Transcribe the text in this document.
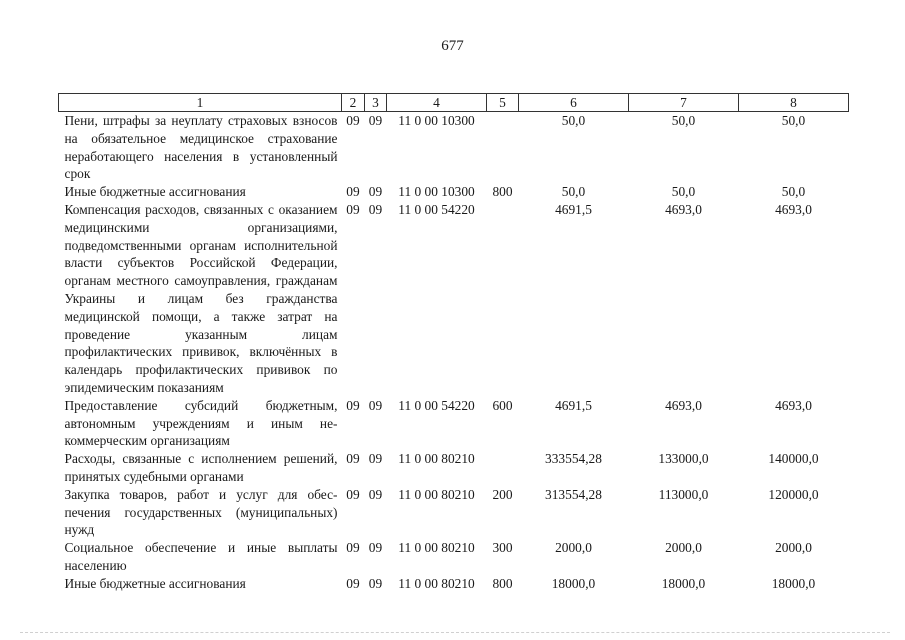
677
1	2	3	4	5	6	7	8
Пени, штрафы за неуплату страховых взносов на обязательное медицинское страхование неработающего населения в установленный срок	09	09	11 0 00 10300		50,0	50,0	50,0
Иные бюджетные ассигнования	09	09	11 0 00 10300	800	50,0	50,0	50,0
Компенсация расходов, связанных с оказанием медицинскими организациями, подведомственными органам исполнительной власти субъектов Российской Федерации, органам местного самоуправления, гражданам Украины и лицам без гражданства медицинской помощи, а также затрат на проведение указанным лицам профилактических прививок, включённых в календарь профилактических прививок по эпидемическим показаниям	09	09	11 0 00 54220		4691,5	4693,0	4693,0
Предоставление субсидий бюджетным, автономным учреждениям и иным некоммерческим организациям	09	09	11 0 00 54220	600	4691,5	4693,0	4693,0
Расходы, связанные с исполнением решений, принятых судебными органами	09	09	11 0 00 80210		333554,28	133000,0	140000,0
Закупка товаров, работ и услуг для обеспечения государственных (муниципальных) нужд	09	09	11 0 00 80210	200	313554,28	113000,0	120000,0
Социальное обеспечение и иные выплаты населению	09	09	11 0 00 80210	300	2000,0	2000,0	2000,0
Иные бюджетные ассигнования	09	09	11 0 00 80210	800	18000,0	18000,0	18000,0
